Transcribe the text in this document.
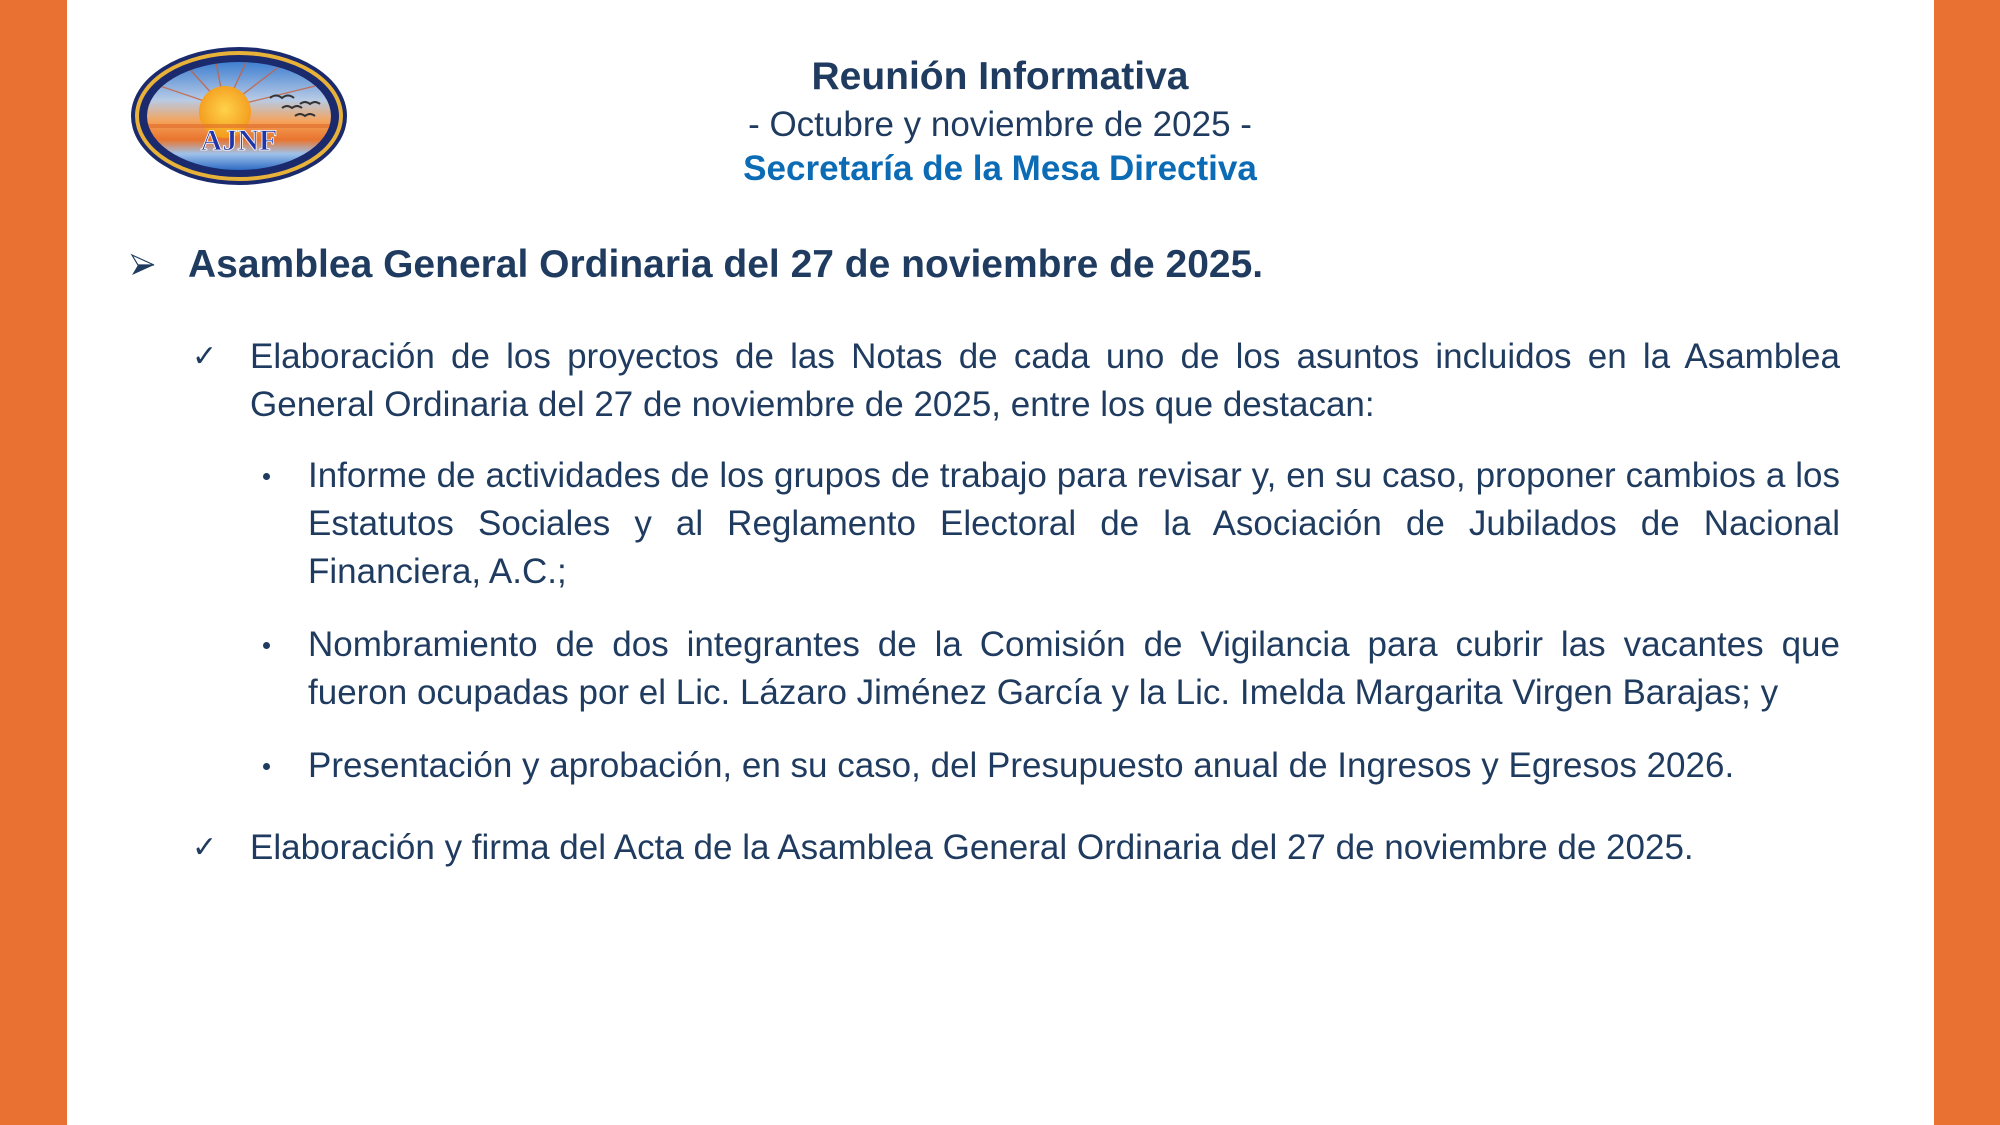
AJNF
Reunión Informativa
- Octubre y noviembre de 2025 -
Secretaría de la Mesa Directiva
Asamblea General Ordinaria del 27 de noviembre de 2025.
✓ Elaboración de los proyectos de las Notas de cada uno de los asuntos incluidos en la Asamblea General Ordinaria del 27 de noviembre de 2025, entre los que destacan:
Informe de actividades de los grupos de trabajo para revisar y, en su caso, proponer cambios a los Estatutos Sociales y al Reglamento Electoral de la Asociación de Jubilados de Nacional Financiera, A.C.;
Nombramiento de dos integrantes de la Comisión de Vigilancia para cubrir las vacantes que fueron ocupadas por el Lic. Lázaro Jiménez García y la Lic. Imelda Margarita Virgen Barajas; y
Presentación y aprobación, en su caso, del Presupuesto anual de Ingresos y Egresos 2026.
✓ Elaboración y firma del Acta de la Asamblea General Ordinaria del 27 de noviembre de 2025.
